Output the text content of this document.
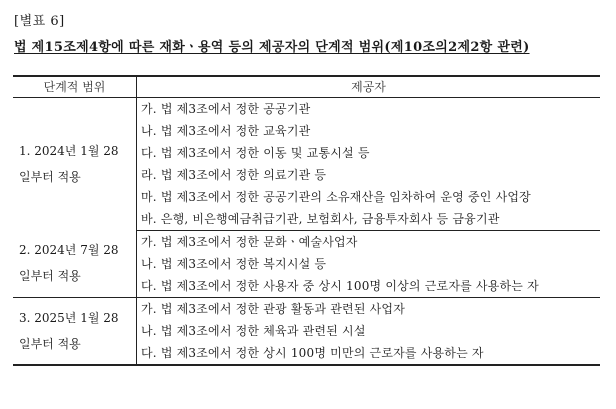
[별표 6]
법 제15조제4항에 따른 재화ㆍ용역 등의 제공자의 단계적 범위(제10조의2제2항 관련)
단계적 범위	제공자

1. 2024년 1월 28
일부터 적용	가. 법 제3조에서 정한 공공기관
	나. 법 제3조에서 정한 교육기관
	다. 법 제3조에서 정한 이동 및 교통시설 등
	라. 법 제3조에서 정한 의료기관 등
	마. 법 제3조에서 정한 공공기관의 소유재산을 임차하여 운영 중인 사업장
	바. 은행, 비은행예금취급기관, 보험회사, 금융투자회사 등 금융기관

2. 2024년 7월 28
일부터 적용	가. 법 제3조에서 정한 문화ㆍ예술사업자
	나. 법 제3조에서 정한 복지시설 등
	다. 법 제3조에서 정한 사용자 중 상시 100명 이상의 근로자를 사용하는 자

3. 2025년 1월 28
일부터 적용	가. 법 제3조에서 정한 관광 활동과 관련된 사업자
	나. 법 제3조에서 정한 체육과 관련된 시설
	다. 법 제3조에서 정한 상시 100명 미만의 근로자를 사용하는 자
